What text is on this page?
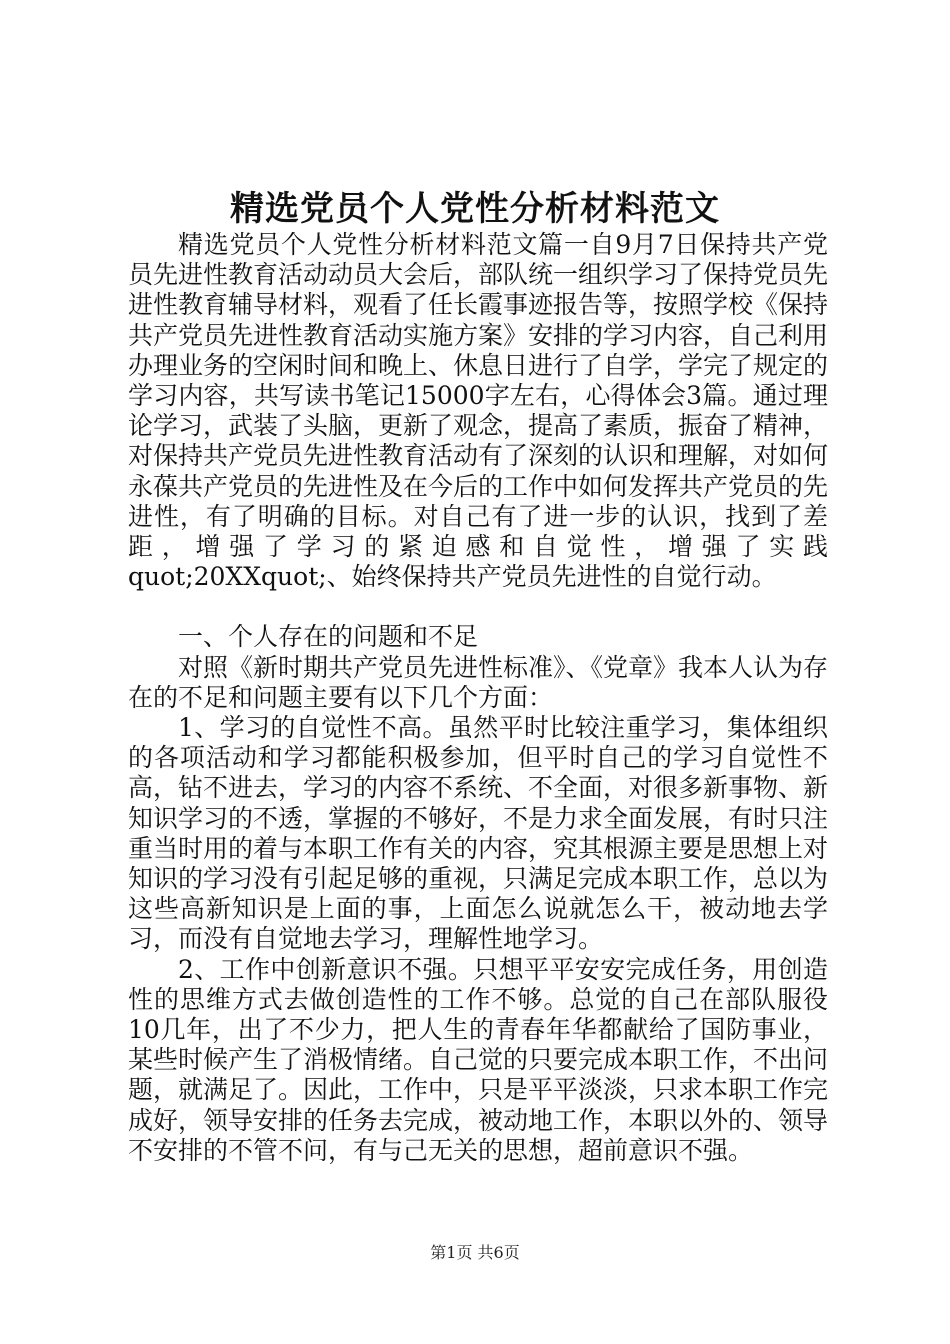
精选党员个人党性分析材料范文

精选党员个人党性分析材料范文篇一自9月7日保持共产党员先进性教育活动动员大会后，部队统一组织学习了保持党员先进性教育辅导材料，观看了任长霞事迹报告等，按照学校《保持共产党员先进性教育活动实施方案》安排的学习内容，自己利用办理业务的空闲时间和晚上、休息日进行了自学，学完了规定的学习内容，共写读书笔记15000字左右，心得体会3篇。通过理论学习，武装了头脑，更新了观念，提高了素质，振奋了精神，对保持共产党员先进性教育活动有了深刻的认识和理解，对如何永葆共产党员的先进性及在今后的工作中如何发挥共产党员的先进性，有了明确的目标。对自己有了进一步的认识，找到了差距，增强了学习的紧迫感和自觉性，增强了实践quot;20XXquot;、始终保持共产党员先进性的自觉行动。

一、个人存在的问题和不足

对照《新时期共产党员先进性标准》、《党章》我本人认为存在的不足和问题主要有以下几个方面：

1、学习的自觉性不高。虽然平时比较注重学习，集体组织的各项活动和学习都能积极参加，但平时自己的学习自觉性不高，钻不进去，学习的内容不系统、不全面，对很多新事物、新知识学习的不透，掌握的不够好，不是力求全面发展，有时只注重当时用的着与本职工作有关的内容，究其根源主要是思想上对知识的学习没有引起足够的重视，只满足完成本职工作，总以为这些高新知识是上面的事，上面怎么说就怎么干，被动地去学习，而没有自觉地去学习，理解性地学习。

2、工作中创新意识不强。只想平平安安完成任务，用创造性的思维方式去做创造性的工作不够。总觉的自己在部队服役10几年，出了不少力，把人生的青春年华都献给了国防事业，某些时候产生了消极情绪。自己觉的只要完成本职工作，不出问题，就满足了。因此，工作中，只是平平淡淡，只求本职工作完成好，领导安排的任务去完成，被动地工作，本职以外的、领导不安排的不管不问，有与己无关的思想，超前意识不强。

第1页 共6页
